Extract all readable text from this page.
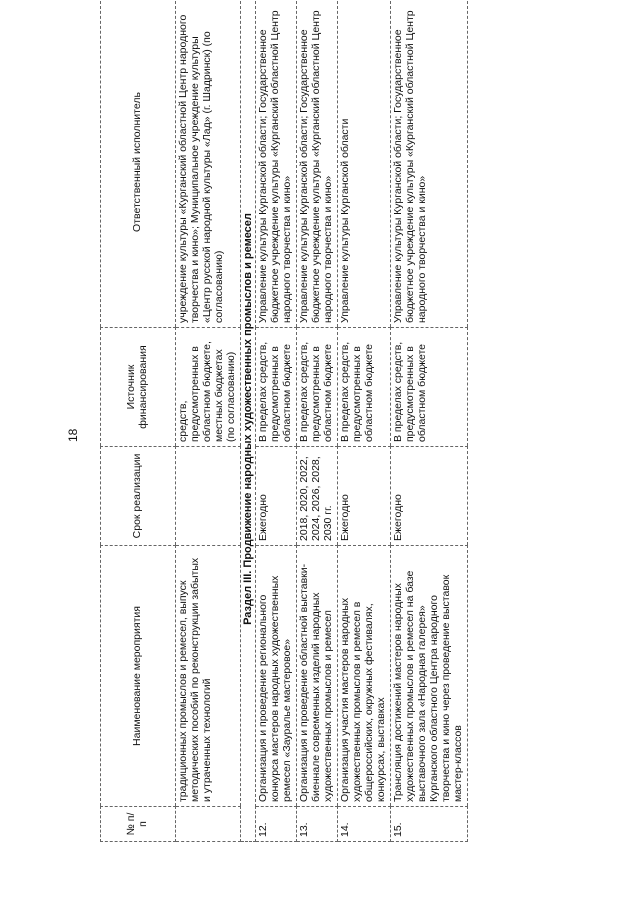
18
№ п/п	Наименование мероприятия	Срок реализации	Источник финансирования	Ответственный исполнитель
	традиционных промыслов и ремесел, выпуск методических пособий по реконструкции забытых и утраченных технологий		средств, предусмотренных в областном бюджете, местных бюджетах (по согласованию)	учреждение культуры «Курганский областной Центр народного творчества и кино»; Муниципальное учреждение культуры «Центр русской народной культуры «Лад» (г. Шадринск) (по согласованию)
Раздел III. Продвижение народных художественных промыслов и ремесел				
12.	Организация и проведение регионального конкурса мастеров народных художественных ремесел «Зауралье мастеровое»	Ежегодно	В пределах средств, предусмотренных в областном бюджете	Управление культуры Курганской области; Государственное бюджетное учреждение культуры «Курганский областной Центр народного творчества и кино»
13.	Организация и проведение областной выставки-биеннале современных изделий народных художественных промыслов и ремесел	2018, 2020, 2022, 2024, 2026, 2028, 2030 гг.	В пределах средств, предусмотренных в областном бюджете	Управление культуры Курганской области; Государственное бюджетное учреждение культуры «Курганский областной Центр народного творчества и кино»
14.	Организация участия мастеров народных художественных промыслов и ремесел в общероссийских, окружных фестивалях, конкурсах, выставках	Ежегодно	В пределах средств, предусмотренных в областном бюджете	Управление культуры Курганской области
15.	Трансляция достижений мастеров народных художественных промыслов и ремесел на базе выставочного зала «Народная галерея» Курганского областного Центра народного творчества и кино через проведение выставок мастер-классов	Ежегодно	В пределах средств, предусмотренных в областном бюджете	Управление культуры Курганской области; Государственное бюджетное учреждение культуры «Курганский областной Центр народного творчества и кино»
